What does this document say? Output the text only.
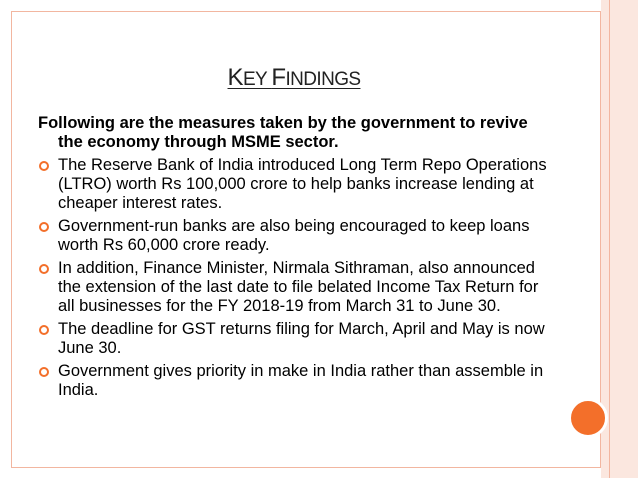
KEY FINDINGS
Following are the measures taken by the government to revive the economy through MSME sector.
The Reserve Bank of India introduced Long Term Repo Operations (LTRO) worth Rs 100,000 crore to help banks increase lending at cheaper interest rates.
Government-run banks are also being encouraged to keep loans worth Rs 60,000 crore ready.
In addition, Finance Minister, Nirmala Sithraman, also announced the extension of the last date to file belated Income Tax Return for all businesses for the FY 2018-19 from March 31 to June 30.
The deadline for GST returns filing for March, April and May is now June 30.
Government gives priority in make in India rather than assemble in India.
